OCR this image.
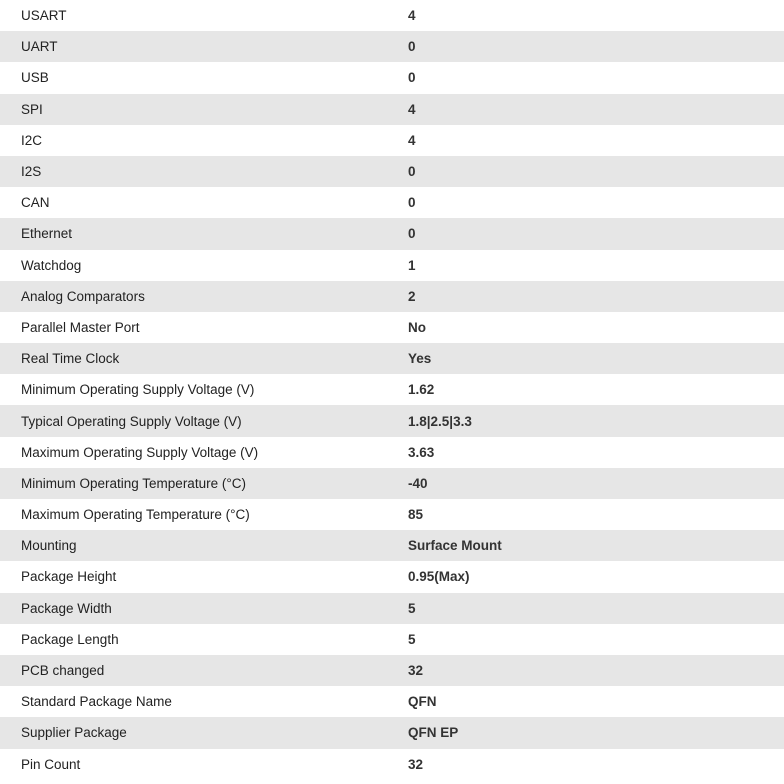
USART	4
UART	0
USB	0
SPI	4
I2C	4
I2S	0
CAN	0
Ethernet	0
Watchdog	1
Analog Comparators	2
Parallel Master Port	No
Real Time Clock	Yes
Minimum Operating Supply Voltage (V)	1.62
Typical Operating Supply Voltage (V)	1.8|2.5|3.3
Maximum Operating Supply Voltage (V)	3.63
Minimum Operating Temperature (°C)	-40
Maximum Operating Temperature (°C)	85
Mounting	Surface Mount
Package Height	0.95(Max)
Package Width	5
Package Length	5
PCB changed	32
Standard Package Name	QFN
Supplier Package	QFN EP
Pin Count	32
